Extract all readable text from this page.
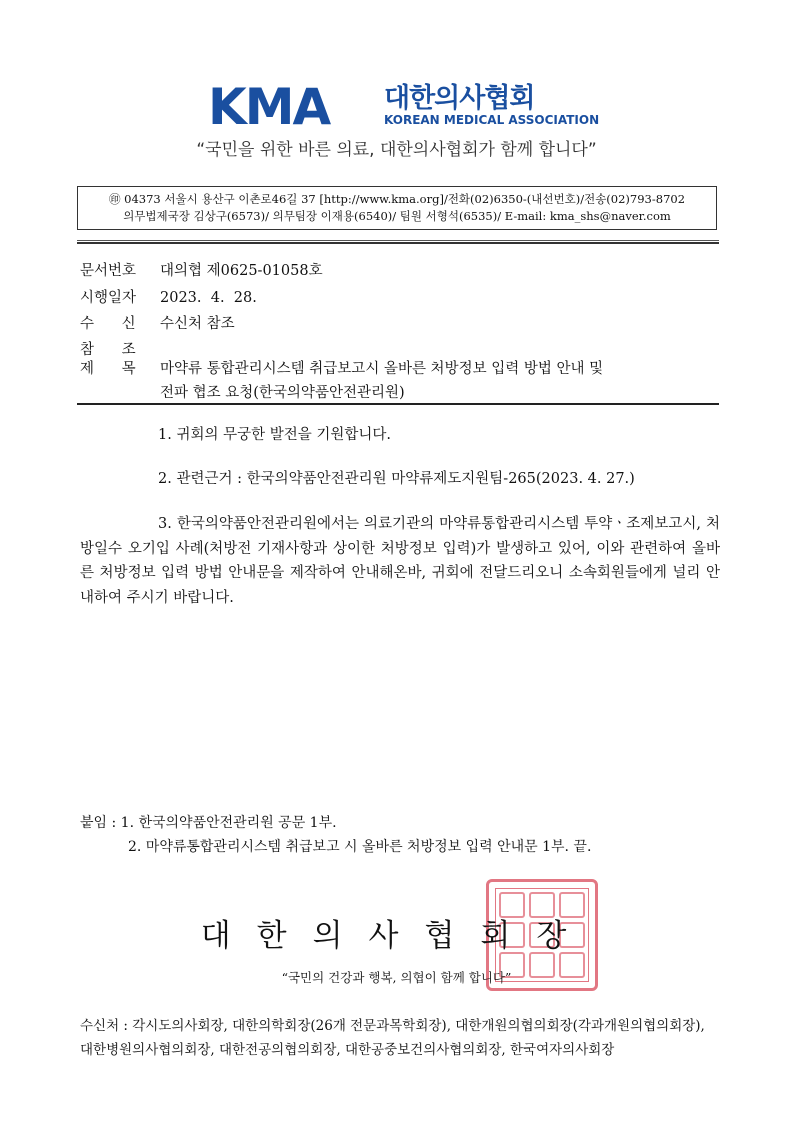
KMA 대한의사협회
KOREAN MEDICAL ASSOCIATION
“국민을 위한 바른 의료, 대한의사협회가 함께 합니다”
㊞ 04373 서울시 용산구 이촌로46길 37 [http://www.kma.org]/전화(02)6350-(내선번호)/전송(02)793-8702
의무법제국장 김상구(6573)/ 의무팀장 이재용(6540)/ 팀원 서형석(6535)/ E-mail: kma_shs@naver.com
문서번호 대의협 제0625-01058호
시행일자 2023.  4.  28.
수      신 수신처 참조
참      조
제      목 마약류 통합관리시스템 취급보고시 올바른 처방정보 입력 방법 안내 및
전파 협조 요청(한국의약품안전관리원)
1. 귀회의 무궁한 발전을 기원합니다.
2. 관련근거 : 한국의약품안전관리원 마약류제도지원팀-265(2023. 4. 27.)
3. 한국의약품안전관리원에서는 의료기관의 마약류통합관리시스템 투약ㆍ조제보고시, 처방일수 오기입 사례(처방전 기재사항과 상이한 처방정보 입력)가 발생하고 있어, 이와 관련하여 올바른 처방정보 입력 방법 안내문을 제작하여 안내해온바, 귀회에 전달드리오니 소속회원들에게 널리 안내하여 주시기 바랍니다.
붙임 : 1. 한국의약품안전관리원 공문 1부.
2. 마약류통합관리시스템 취급보고 시 올바른 처방정보 입력 안내문 1부. 끝.
대한의사협회장
“국민의 건강과 행복, 의협이 함께 합니다”
수신처 : 각시도의사회장, 대한의학회장(26개 전문과목학회장), 대한개원의협의회장(각과개원의협의회장), 대한병원의사협의회장, 대한전공의협의회장, 대한공중보건의사협의회장, 한국여자의사회장
